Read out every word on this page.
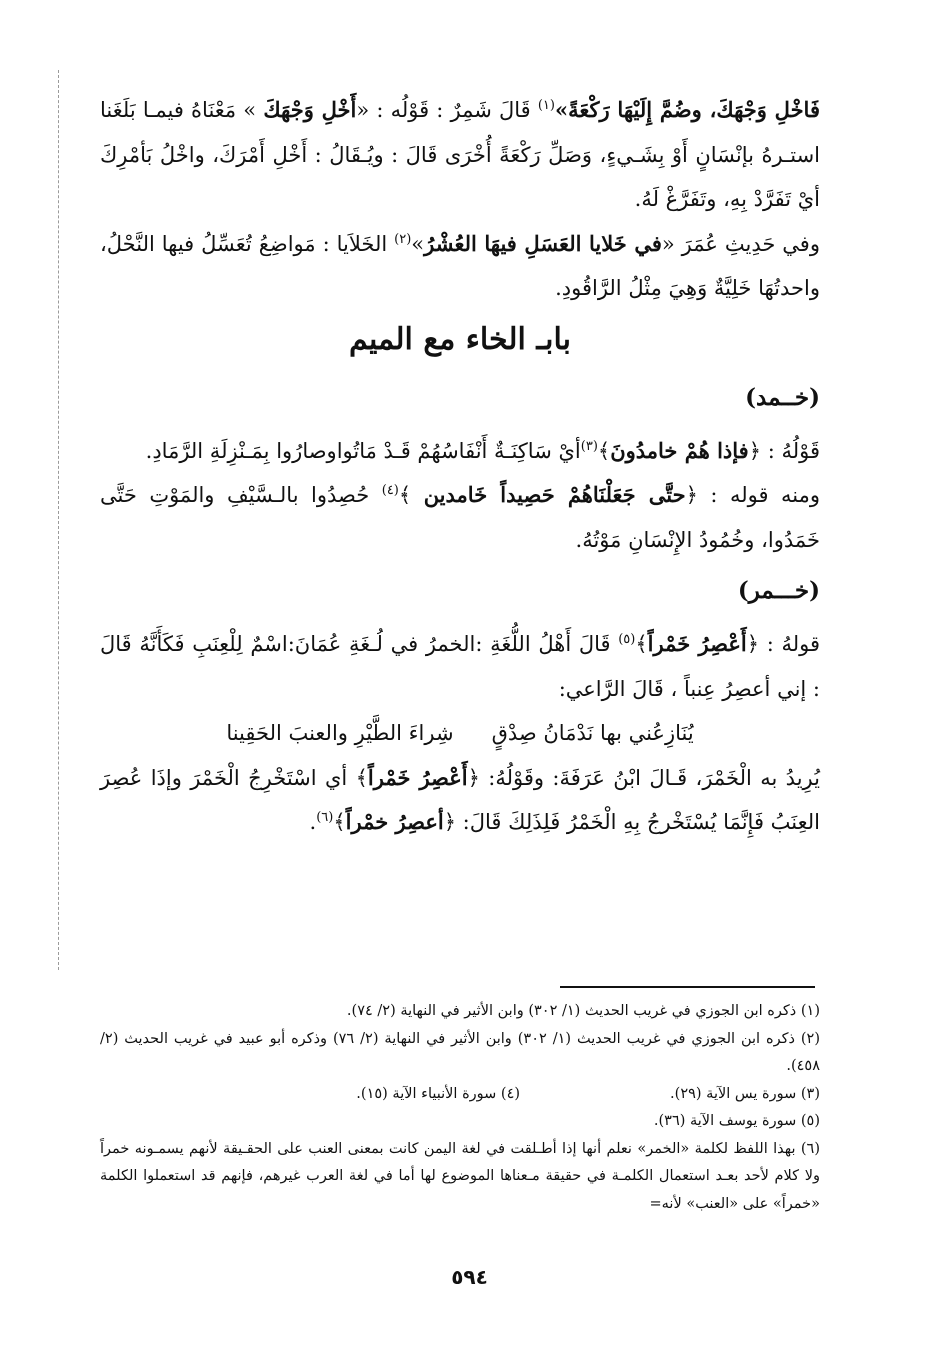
فَاخْلِ وَجْهَكَ، وضُمَّ إِلَيْهَا رَكْعَةً»$^{(١)}$ قَالَ شَمِرٌ : قَوْلُه : «أَخْلِ وَجْهَكَ » مَعْنَاهُ فيمـا بَلَغَنا استـرهُ بإنْسَانٍ أَوْ بِشَـيءٍ، وَصَلِّ رَكْعَةً أُخْرَى قَالَ : ويُـقَالُ : أَخْلِ أَمْرَكَ، واخْلُ بَأمْرِكَ أيْ تَفَرَّدْ بِهِ، وتَفَرَّغْ لَهُ.

وفي حَدِيثِ عُمَرَ «في خَلايا العَسَلِ فيهَا العُشْرُ»$^{(٢)}$ الخَلاَيا : مَواضِعُ تُعَسِّلُ فيها النَّحْلُ، واحدتُهَا خَلِيَّةٌ وَهِيَ مِثْلُ الرَّاقُودِ.

بابـ الخاء مع الميم
(خــمد)

قَوْلُهُ : ﴿فإذا هُمْ خامدُونَ﴾$^{(٣)}$أيْ سَاكِنَـةٌ أَنْفَاسُهُمْ قَـدْ مَاتُواوصارُوا بِمَـنْزِلَةِ الرَّمَادِ.

ومنه قوله : ﴿حتَّى جَعَلْنَاهُمْ حَصِيداً خَامدين ﴾$^{(٤)}$ حُصِدُوا بالـسَّيْفِ والمَوْتِ حَتَّى خَمَدُوا، وخُمُودُ الإِنْسَانِ مَوْتُهُ.

(خـــمر)

قولهُ : ﴿أَعْصِرُ خَمْراً﴾$^{(٥)}$ قَالَ أَهْلُ اللُّغَةِ :الخمرُ في لُـغَةِ عُمَانَ:اسْمٌ لِلْعِنَبِ فَكَأَنَّهُ قَالَ : إني أعصِرُ عِنباً ، قَالَ الرَّاعي:

يُنَازِعُني بها نَدْمَانُ صِدْقٍ
شِراءَ الطَّيْرِ والعنبَ الحَقِينا

يُرِيدُ به الْخَمْرَ، قَـالَ ابْنُ عَرَفَةَ: وقَوْلُهُ: ﴿أَعْصِرُ خَمْراً﴾ أي اسْتَخْرِجُ الْخَمْرَ وإذَا عُصِرَ العِنَبُ فَإِنَّمَا يُسْتَخْرجُ بِهِ الْخَمْرُ فَلِذَلِكَ قَالَ: ﴿أعصِرُ خمْراً﴾$^{(٦)}$.

(١) ذكره ابن الجوزي في غريب الحديث (١/ ٣٠٢) وابن الأثير في النهاية (٢/ ٧٤).

(٢) ذكره ابن الجوزي في غريب الحديث (١/ ٣٠٢) وابن الأثير في النهاية (٢/ ٧٦) وذكره أبو عبيد في غريب الحديث (٢/ ٤٥٨).

(٣) سورة يس الآية (٢٩).
(٤) سورة الأنبياء الآية (١٥).

(٥) سورة يوسف الآية (٣٦).

(٦) بهذا اللفظ لكلمة «الخمر» نعلم أنها إذا أطـلقت في لغة اليمن كانت بمعنى العنب على الحقـيقة لأنهم يسمـونه خمراً ولا كلام لأحد بعـد استعمال الكلمـة في حقيقة مـعناها الموضوع لها أما في لغة العرب غيرهم، فإنهم قد استعملوا الكلمة «خمراً» على «العنب» لأنه=

٥٩٤
